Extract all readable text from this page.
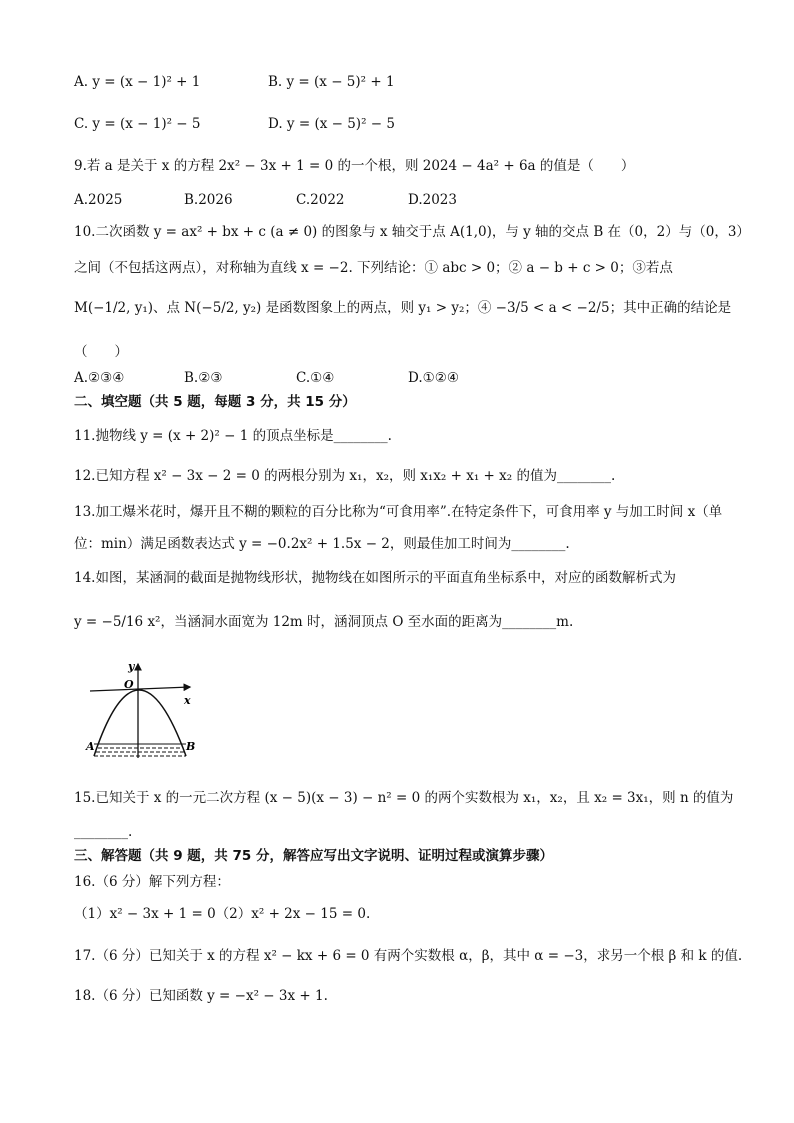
A. y = (x − 1)² + 1	B. y = (x − 5)² + 1
C. y = (x − 1)² − 5	D. y = (x − 5)² − 5
9.若 a 是关于 x 的方程 2x² − 3x + 1 = 0 的一个根，则 2024 − 4a² + 6a 的值是（　　）
A.2025	B.2026	C.2022	D.2023
10.二次函数 y = ax² + bx + c (a ≠ 0) 的图象与 x 轴交于点 A(1,0)，与 y 轴的交点 B 在（0，2）与（0，3）
之间（不包括这两点），对称轴为直线 x = −2. 下列结论：① abc > 0；② a − b + c > 0；③若点
M(−1/2, y₁)、点 N(−5/2, y₂) 是函数图象上的两点，则 y₁ > y₂；④ −3/5 < a < −2/5；其中正确的结论是
（　　）
A.②③④	B.②③	C.①④	D.①②④
二、填空题（共 5 题，每题 3 分，共 15 分）
11.抛物线 y = (x + 2)² − 1 的顶点坐标是________.
12.已知方程 x² − 3x − 2 = 0 的两根分别为 x₁，x₂，则 x₁x₂ + x₁ + x₂ 的值为________.
13.加工爆米花时，爆开且不糊的颗粒的百分比称为“可食用率”.在特定条件下，可食用率 y 与加工时间 x（单
位：min）满足函数表达式 y = −0.2x² + 1.5x − 2，则最佳加工时间为________.
14.如图，某涵洞的截面是抛物线形状，抛物线在如图所示的平面直角坐标系中，对应的函数解析式为
y = −5/16 x²，当涵洞水面宽为 12m 时，涵洞顶点 O 至水面的距离为________m.
y
x
O
A	B
15.已知关于 x 的一元二次方程 (x − 5)(x − 3) − n² = 0 的两个实数根为 x₁，x₂，且 x₂ = 3x₁，则 n 的值为
________.
三、解答题（共 9 题，共 75 分，解答应写出文字说明、证明过程或演算步骤）
16.（6 分）解下列方程：
（1）x² − 3x + 1 = 0（2）x² + 2x − 15 = 0.
17.（6 分）已知关于 x 的方程 x² − kx + 6 = 0 有两个实数根 α，β，其中 α = −3，求另一个根 β 和 k 的值.
18.（6 分）已知函数 y = −x² − 3x + 1.
